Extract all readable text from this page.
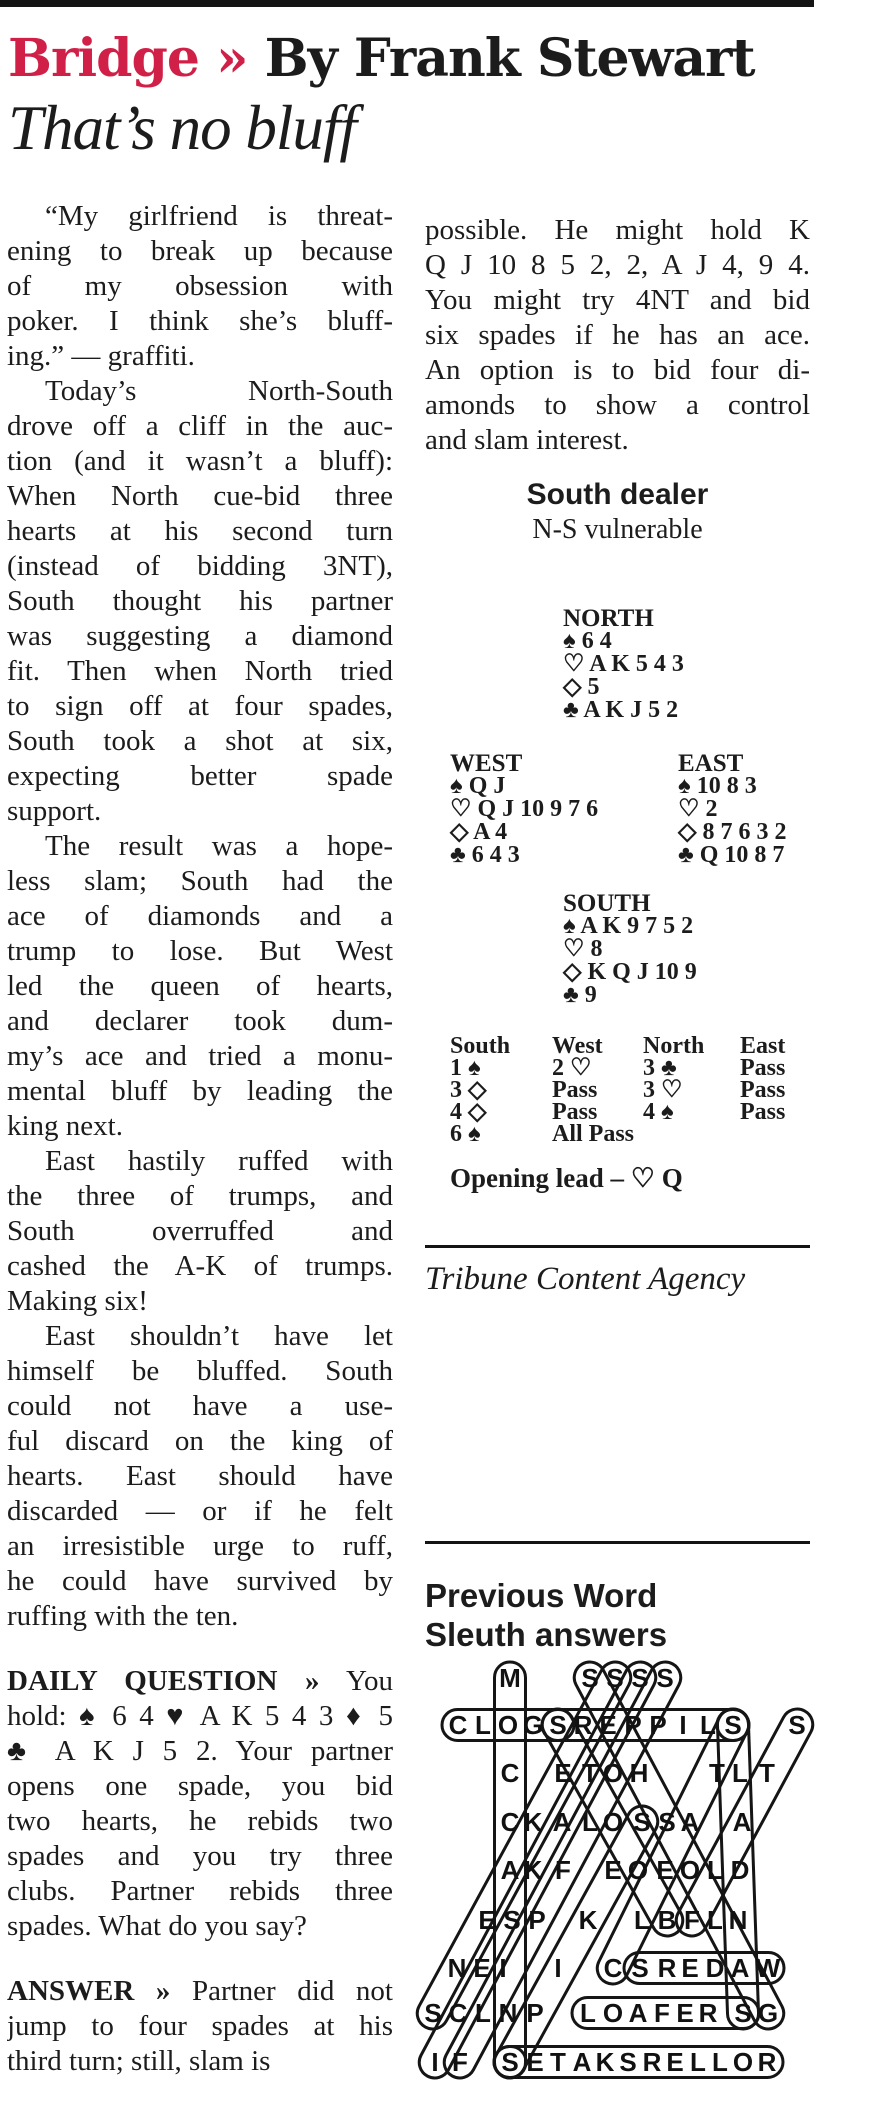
Bridge » By Frank Stewart
That’s no bluff
“My girlfriend is threat-
ening to break up because
of my obsession with
poker. I think she’s bluff-
ing.” — graffiti.
Today’s North-South
drove off a cliff in the auc-
tion (and it wasn’t a bluff):
When North cue-bid three
hearts at his second turn
(instead of bidding 3NT),
South thought his partner
was suggesting a diamond
fit. Then when North tried
to sign off at four spades,
South took a shot at six,
expecting better spade
support.
The result was a hope-
less slam; South had the
ace of diamonds and a
trump to lose. But West
led the queen of hearts,
and declarer took dum-
my’s ace and tried a monu-
mental bluff by leading the
king next.
East hastily ruffed with
the three of trumps, and
South overruffed and
cashed the A-K of trumps.
Making six!
East shouldn’t have let
himself be bluffed. South
could not have a use-
ful discard on the king of
hearts. East should have
discarded — or if he felt
an irresistible urge to ruff,
he could have survived by
ruffing with the ten.
DAILY QUESTION » You
hold: ♠ 6 4 ♥ A K 5 4 3 ♦ 5
♣ A K J 5 2. Your partner
opens one spade, you bid
two hearts, he rebids two
spades and you try three
clubs. Partner rebids three
spades. What do you say?
ANSWER » Partner did not
jump to four spades at his
third turn; still, slam is
possible. He might hold K
Q J 10 8 5 2, 2, A J 4, 9 4.
You might try 4NT and bid
six spades if he has an ace.
An option is to bid four di-
amonds to show a control
and slam interest.
South dealer
N-S vulnerable
NORTH
♠ 6 4
♡ A K 5 4 3
◇ 5
♣ A K J 5 2
WEST
♠ Q J
♡ Q J 10 9 7 6
◇ A 4
♣ 6 4 3
EAST
♠ 10 8 3
♡ 2
◇ 8 7 6 3 2
♣ Q 10 8 7
SOUTH
♠ A K 9 7 5 2
♡ 8
◇ K Q J 10 9
♣ 9
South	West	North	East
1 ♠	2 ♡	3 ♣	Pass
3 ◇	Pass	3 ♡	Pass
4 ◇	Pass	4 ♠	Pass
6 ♠	All Pass
Opening lead – ♡ Q
Tribune Content Agency
Previous Word
Sleuth answers
M S S S S
C L O G S R E P P I L S S
C E T O H T L T
C K A L O S S A A
A K F E O E O L D
E S P K L B F L N
N E I I C S R E D A W
S C L N P L O A F E R S G
I F S E T A K S R E L L O R
